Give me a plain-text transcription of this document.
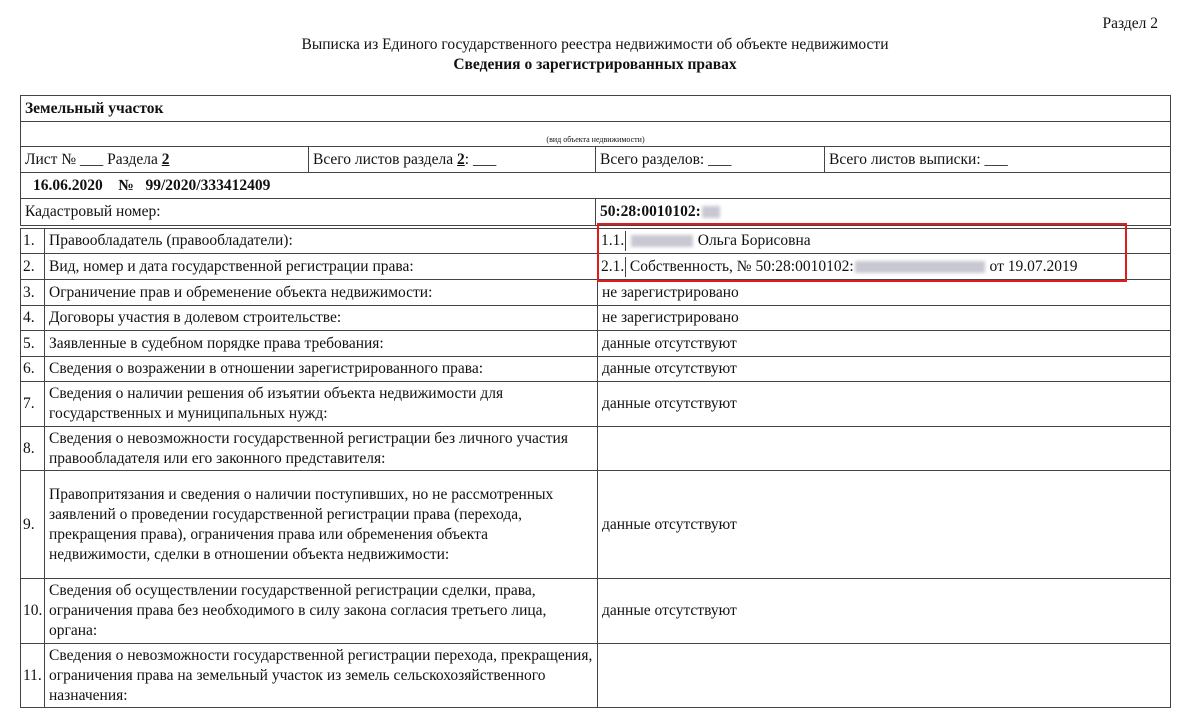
Раздел 2
Выписка из Единого государственного реестра недвижимости об объекте недвижимости
Сведения о зарегистрированных правах
Земельный участок			
(вид объекта недвижимости)			
Лист № ___ Раздела 2	Всего листов раздела 2: ___	Всего разделов: ___	Всего листов выписки: ___
16.06.2020 № 99/2020/333412409			
Кадастровый номер:		50:28:0010102:	
1.	Правообладатель (правообладатели):	1.1. Ольга Борисовна
2.	Вид, номер и дата государственной регистрации права:	2.1. Собственность, № 50:28:0010102: от 19.07.2019
3.	Ограничение прав и обременение объекта недвижимости:	не зарегистрировано
4.	Договоры участия в долевом строительстве:	не зарегистрировано
5.	Заявленные в судебном порядке права требования:	данные отсутствуют
6.	Сведения о возражении в отношении зарегистрированного права:	данные отсутствуют
7.	Сведения о наличии решения об изъятии объекта недвижимости для государственных и муниципальных нужд:	данные отсутствуют
8.	Сведения о невозможности государственной регистрации без личного участия правообладателя или его законного представителя:	
9.	Правопритязания и сведения о наличии поступивших, но не рассмотренных заявлений о проведении государственной регистрации права (перехода, прекращения права), ограничения права или обременения объекта недвижимости, сделки в отношении объекта недвижимости:	данные отсутствуют
10.	Сведения об осуществлении государственной регистрации сделки, права, ограничения права без необходимого в силу закона согласия третьего лица, органа:	данные отсутствуют
11.	Сведения о невозможности государственной регистрации перехода, прекращения, ограничения права на земельный участок из земель сельскохозяйственного назначения:	
